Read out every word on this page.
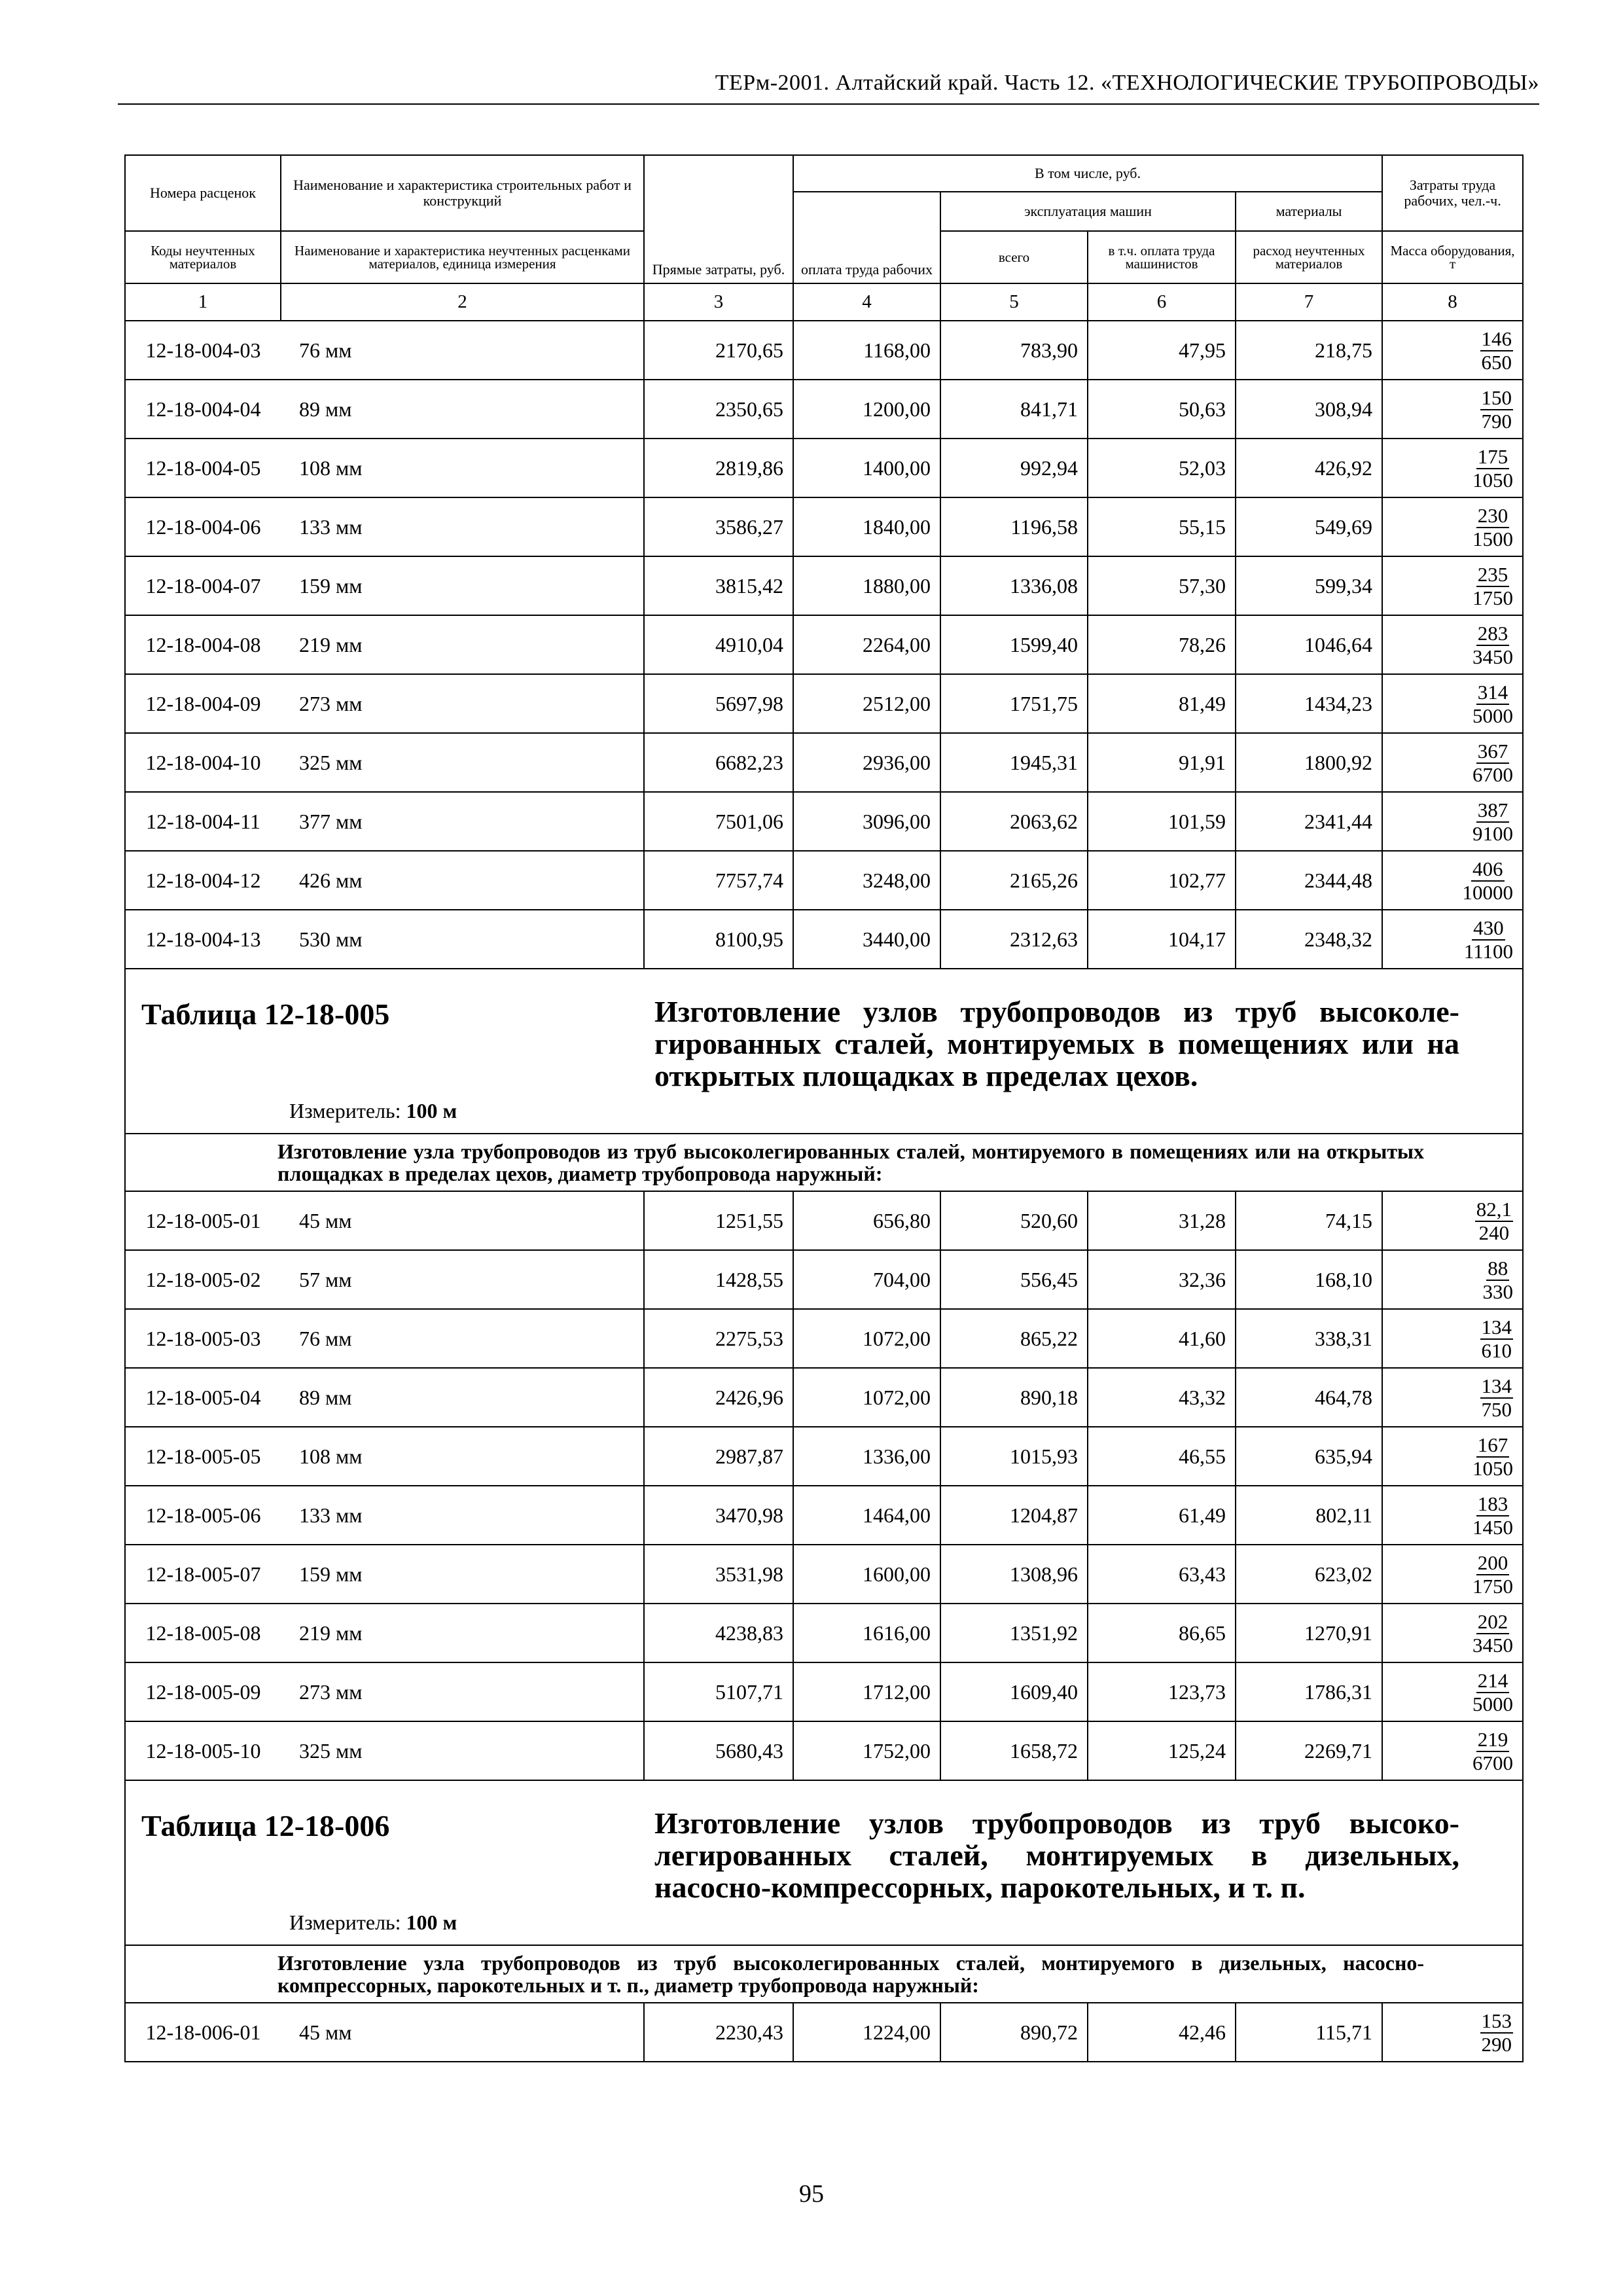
ТЕРм-2001. Алтайский край. Часть 12. «ТЕХНОЛОГИЧЕСКИЕ ТРУБОПРОВОДЫ»
Номера расценок	Наименование и характеристика строительных работ и конструкций	Прямые затраты, руб.	В том числе, руб.				Затраты труда рабочих, чел.-ч.
			оплата труда рабочих	эксплуатация машин		материалы	
Коды неучтенных материалов	Наименование и характеристика неучтенных расценками материалов, единица измерения			всего	в т.ч. оплата труда машинистов	расход неучтенных материалов	Масса оборудования, т
1	2	3	4	5	6	7	8
12-18-004-03	76 мм	2170,65	1168,00	783,90	47,95	218,75	$\frac{146}{650}$

12-18-004-04	89 мм	2350,65	1200,00	841,71	50,63	308,94	$\frac{150}{790}$

12-18-004-05	108 мм	2819,86	1400,00	992,94	52,03	426,92	$\frac{175}{1050}$

12-18-004-06	133 мм	3586,27	1840,00	1196,58	55,15	549,69	$\frac{230}{1500}$

12-18-004-07	159 мм	3815,42	1880,00	1336,08	57,30	599,34	$\frac{235}{1750}$

12-18-004-08	219 мм	4910,04	2264,00	1599,40	78,26	1046,64	$\frac{283}{3450}$

12-18-004-09	273 мм	5697,98	2512,00	1751,75	81,49	1434,23	$\frac{314}{5000}$

12-18-004-10	325 мм	6682,23	2936,00	1945,31	91,91	1800,92	$\frac{367}{6700}$

12-18-004-11	377 мм	7501,06	3096,00	2063,62	101,59	2341,44	$\frac{387}{9100}$

12-18-004-12	426 мм	7757,74	3248,00	2165,26	102,77	2344,48	$\frac{406}{10000}$

12-18-004-13	530 мм	8100,95	3440,00	2312,63	104,17	2348,32	$\frac{430}{11100}$

Таблица 12-18-005 Изготовление узлов трубопроводов из труб высоколе-гированных сталей, монтируемых в помещениях или на открытых площадках в пределах цехов.
Измеритель: 100 м							

Изготовление узла трубопроводов из труб высоколегированных сталей, монтируемого в помещениях или на открытых площадках в пределах цехов, диаметр трубопровода наружный:							
12-18-005-01	45 мм	1251,55	656,80	520,60	31,28	74,15	$\frac{82,1}{240}$

12-18-005-02	57 мм	1428,55	704,00	556,45	32,36	168,10	$\frac{88}{330}$

12-18-005-03	76 мм	2275,53	1072,00	865,22	41,60	338,31	$\frac{134}{610}$

12-18-005-04	89 мм	2426,96	1072,00	890,18	43,32	464,78	$\frac{134}{750}$

12-18-005-05	108 мм	2987,87	1336,00	1015,93	46,55	635,94	$\frac{167}{1050}$

12-18-005-06	133 мм	3470,98	1464,00	1204,87	61,49	802,11	$\frac{183}{1450}$

12-18-005-07	159 мм	3531,98	1600,00	1308,96	63,43	623,02	$\frac{200}{1750}$

12-18-005-08	219 мм	4238,83	1616,00	1351,92	86,65	1270,91	$\frac{202}{3450}$

12-18-005-09	273 мм	5107,71	1712,00	1609,40	123,73	1786,31	$\frac{214}{5000}$

12-18-005-10	325 мм	5680,43	1752,00	1658,72	125,24	2269,71	$\frac{219}{6700}$

Таблица 12-18-006 Изготовление узлов трубопроводов из труб высоко-легированных сталей, монтируемых в дизельных, насосно-компрессорных, парокотельных, и т. п.
Измеритель: 100 м							

Изготовление узла трубопроводов из труб высоколегированных сталей, монтируемого в дизельных, насосно-компрессорных, парокотельных и т. п., диаметр трубопровода наружный:							
12-18-006-01	45 мм	2230,43	1224,00	890,72	42,46	115,71	$\frac{153}{290}$
95
